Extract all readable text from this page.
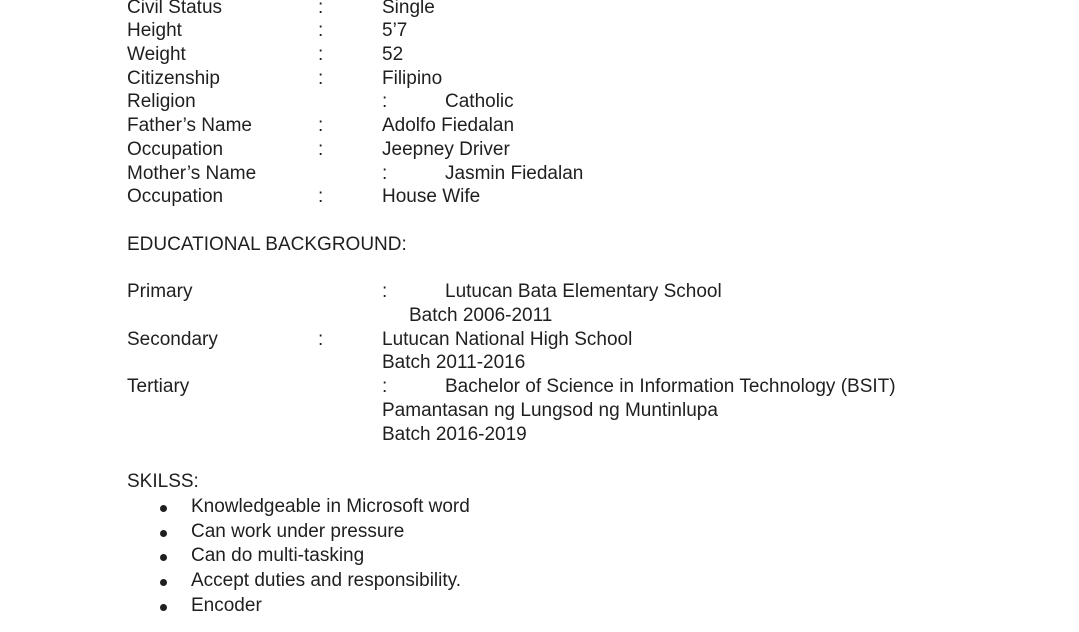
Civil Status	:	Single
Height	:	5’7
Weight	:	52
Citizenship	:	Filipino
Religion	:	Catholic
Father’s Name	:	Adolfo Fiedalan
Occupation	:	Jeepney Driver
Mother’s Name	:	Jasmin Fiedalan
Occupation	:	House Wife
EDUCATIONAL BACKGROUND:
Primary	:	Lutucan Bata Elementary School
Batch 2006-2011
Secondary	:	Lutucan National High School
Batch 2011-2016
Tertiary	:	Bachelor of Science in Information Technology (BSIT)
Pamantasan ng Lungsod ng Muntinlupa
Batch 2016-2019
SKILSS:
Knowledgeable in Microsoft word
Can work under pressure
Can do multi-tasking
Accept duties and responsibility.
Encoder
